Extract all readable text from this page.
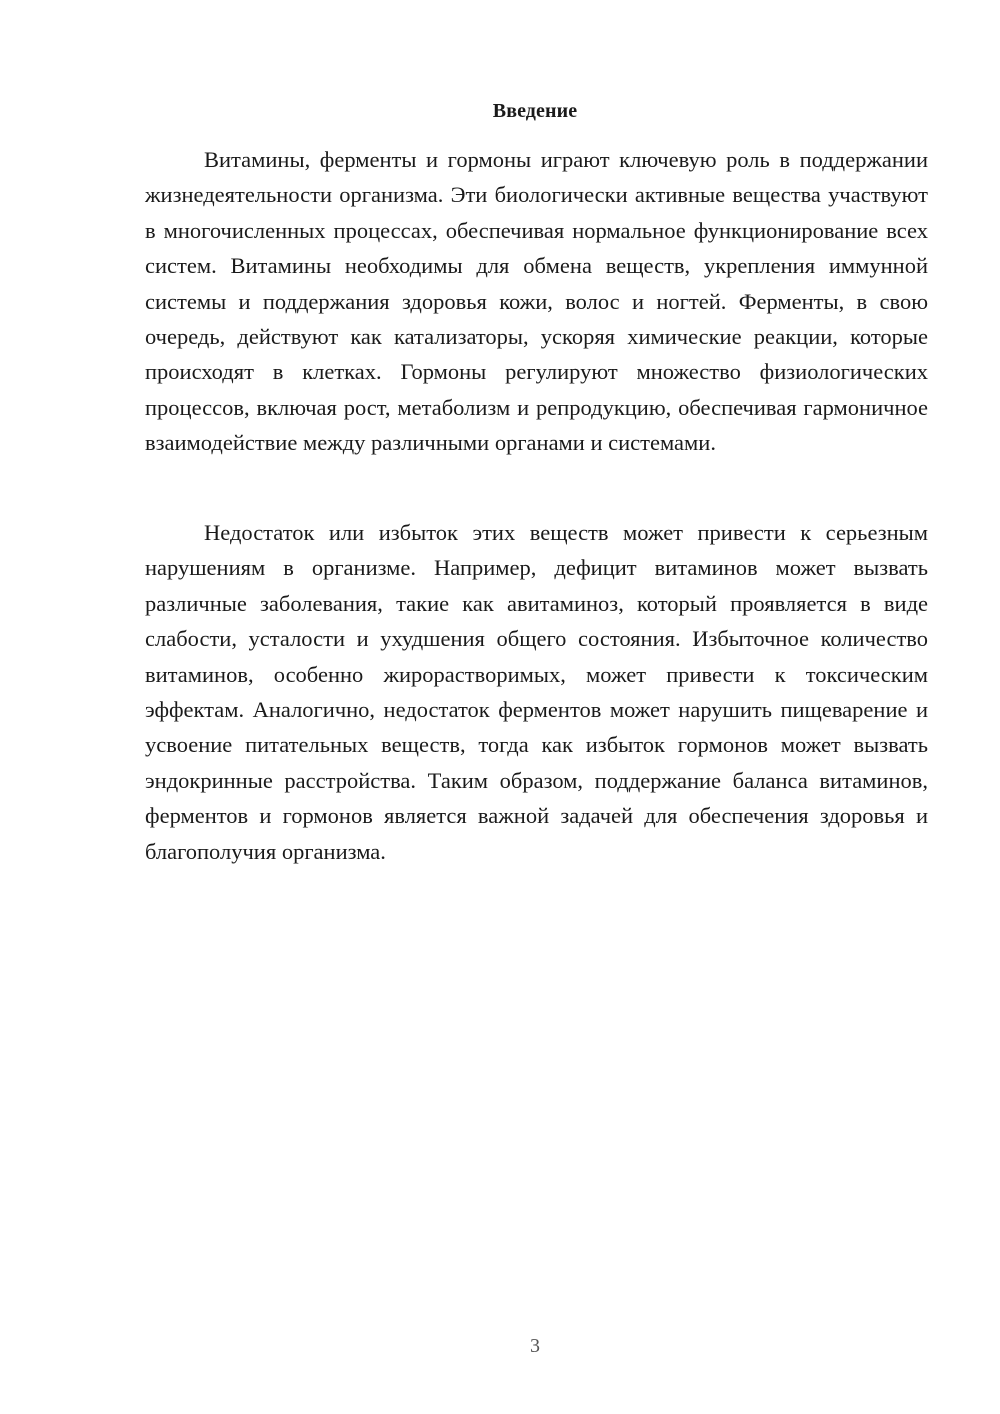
Введение

Витамины, ферменты и гормоны играют ключевую роль в поддержании жизнедеятельности организма. Эти биологически активные вещества участвуют в многочисленных процессах, обеспечивая нормальное функционирование всех систем. Витамины необходимы для обмена веществ, укрепления иммунной системы и поддержания здоровья кожи, волос и ногтей. Ферменты, в свою очередь, действуют как катализаторы, ускоряя химические реакции, которые происходят в клетках. Гормоны регулируют множество физиологических процессов, включая рост, метаболизм и репродукцию, обеспечивая гармоничное взаимодействие между различными органами и системами.

Недостаток или избыток этих веществ может привести к серьезным нарушениям в организме. Например, дефицит витаминов может вызвать различные заболевания, такие как авитаминоз, который проявляется в виде слабости, усталости и ухудшения общего состояния. Избыточное количество витаминов, особенно жирорастворимых, может привести к токсическим эффектам. Аналогично, недостаток ферментов может нарушить пищеварение и усвоение питательных веществ, тогда как избыток гормонов может вызвать эндокринные расстройства. Таким образом, поддержание баланса витаминов, ферментов и гормонов является важной задачей для обеспечения здоровья и благополучия организма.

3
